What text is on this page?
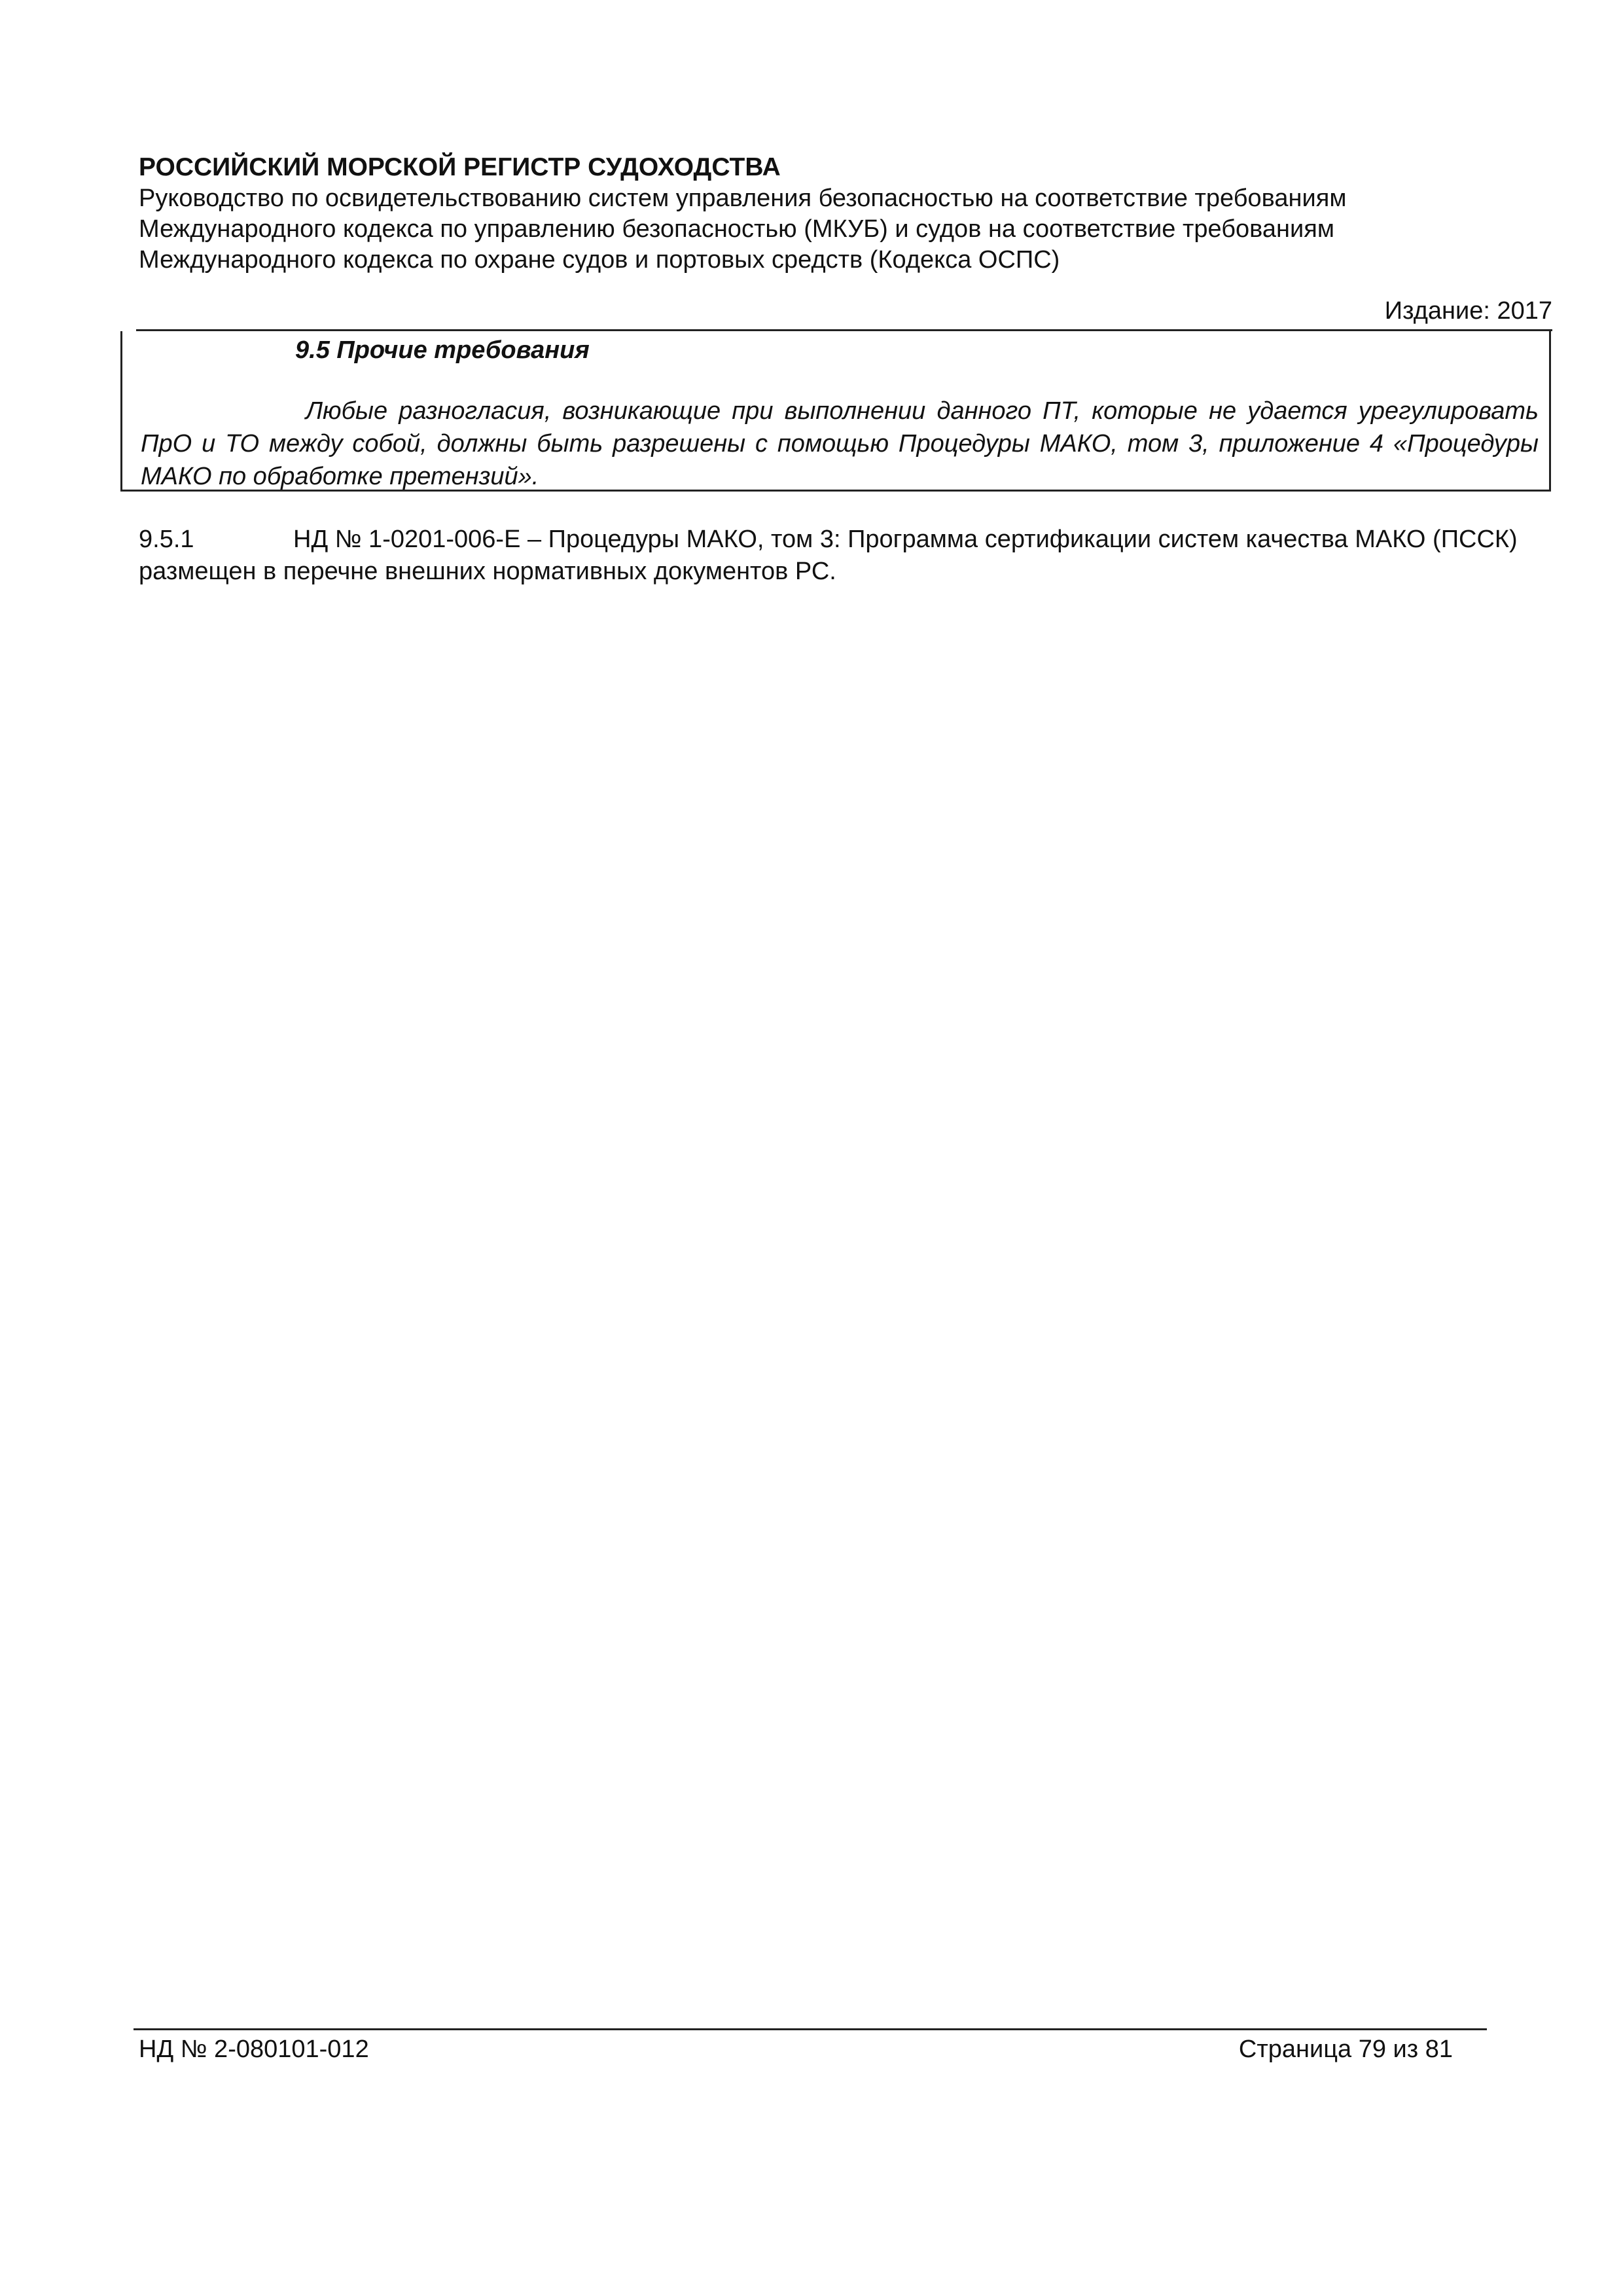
РОССИЙСКИЙ МОРСКОЙ РЕГИСТР СУДОХОДСТВА

Руководство по освидетельствованию систем управления безопасностью на соответствие требованиям

Международного кодекса по управлению безопасностью (МКУБ) и судов на соответствие требованиям

Международного кодекса по охране судов и портовых средств (Кодекса ОСПС)

Издание: 2017
9.5 Прочие требования

Любые разногласия, возникающие при выполнении данного ПТ, которые не удается урегулировать ПрО и ТО между собой, должны быть разрешены с помощью Процедуры МАКО, том 3, приложение 4 «Процедуры МАКО по обработке претензий».

9.5.1	НД № 1-0201-006-Е – Процедуры МАКО, том 3: Программа сертификации систем качества МАКО (ПССК) размещен в перечне внешних нормативных документов РС.

НД № 2-080101-012	Страница 79 из 81
